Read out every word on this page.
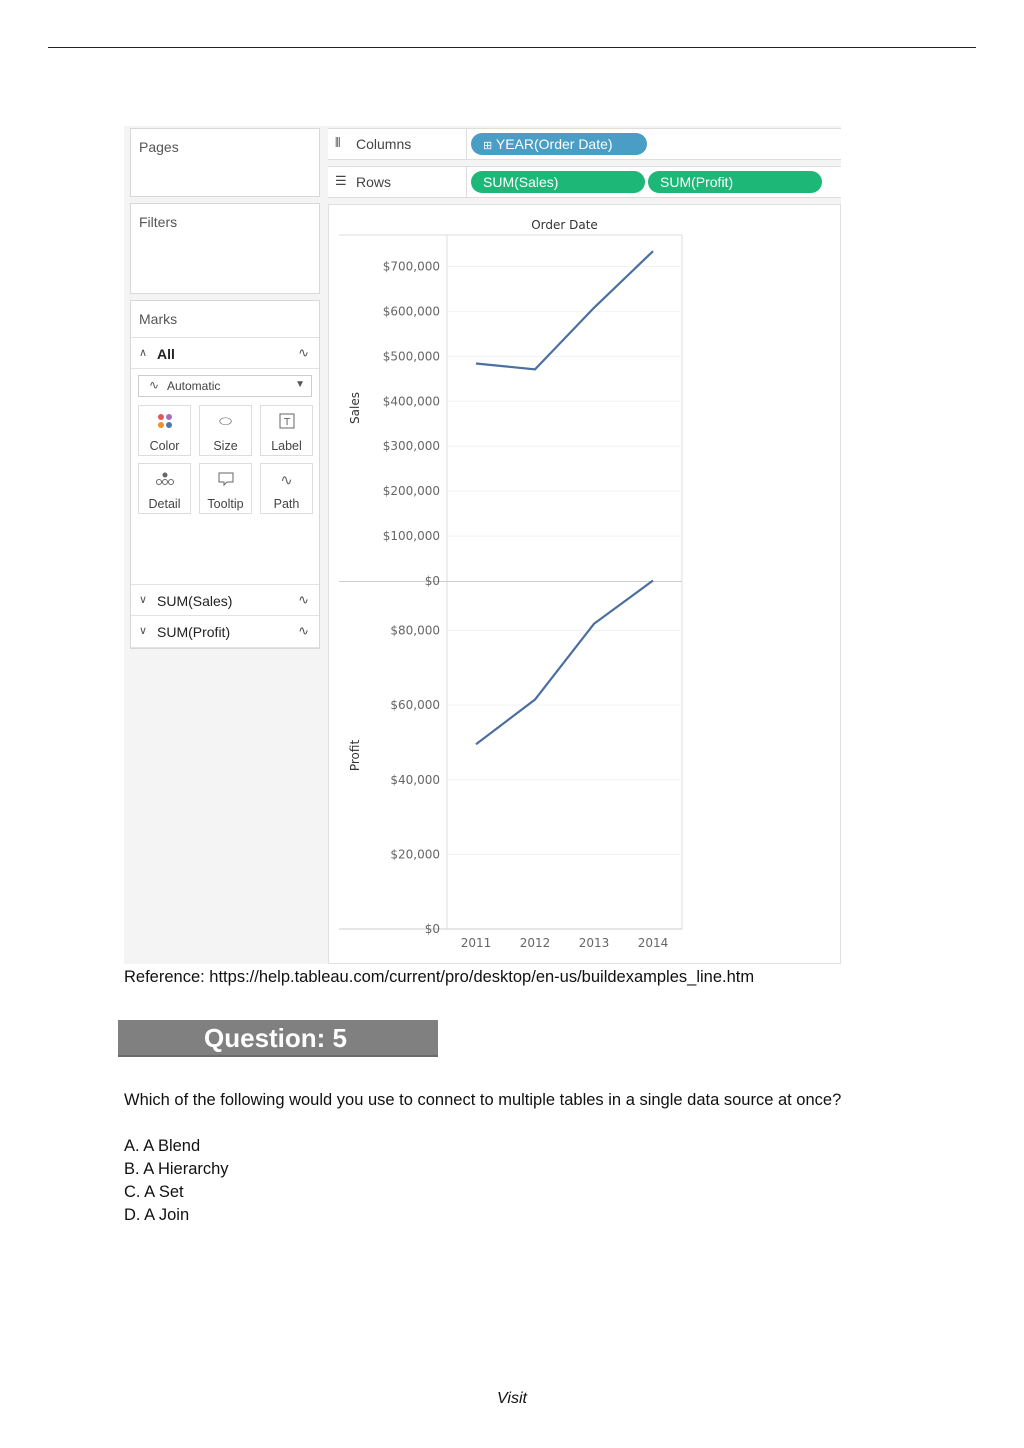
Pages
Filters
Marks
∧ All	∿
∿ Automatic	▼
Color
⬭
Size
T
Label
Detail	Tooltip
∿
Path
∨ SUM(Sales)	∿
∨ SUM(Profit)	∿
⫴ Columns	⊞ YEAR(Order Date)
☰ Rows	SUM(Sales)	SUM(Profit)
Order Date
$0
$100,000
$200,000
$300,000
$400,000
$500,000
$600,000
$700,000
Sales
$0
$20,000
$40,000
$60,000
$80,000
Profit
2011 2012 2013 2014
Reference: https://help.tableau.com/current/pro/desktop/en-us/buildexamples_line.htm
Question: 5
Which of the following would you use to connect to multiple tables in a single data source at once?
A. A Blend
B. A Hierarchy
C. A Set
D. A Join
Visit
